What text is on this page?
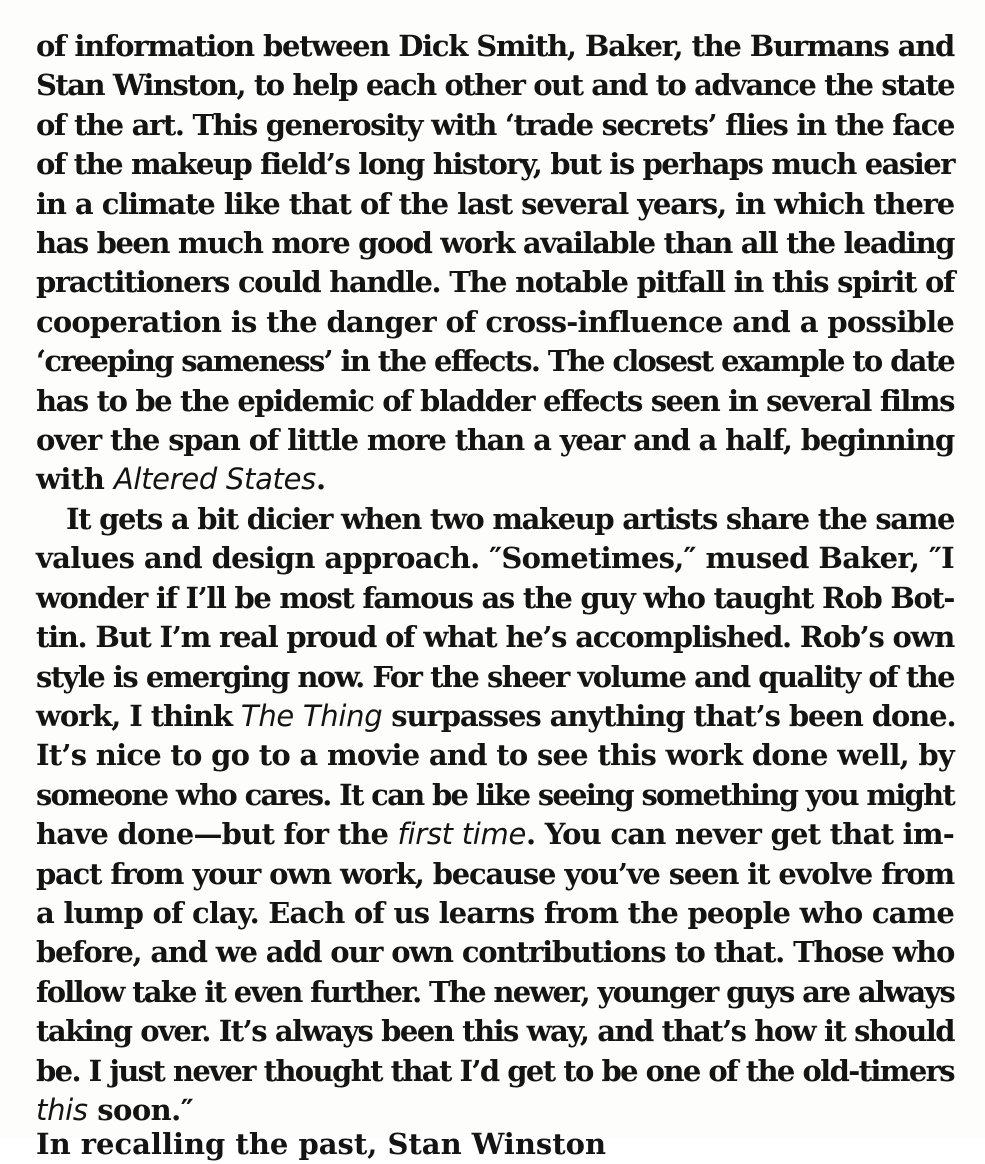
of information between Dick Smith, Baker, the Burmans and
Stan Winston, to help each other out and to advance the state
of the art. This generosity with ‘trade secrets’ flies in the face
of the makeup field’s long history, but is perhaps much easier
in a climate like that of the last several years, in which there
has been much more good work available than all the leading
practitioners could handle. The notable pitfall in this spirit of
cooperation is the danger of cross-influence and a possible
‘creeping sameness’ in the effects. The closest example to date
has to be the epidemic of bladder effects seen in several films
over the span of little more than a year and a half, beginning
with Altered States.

It gets a bit dicier when two makeup artists share the same
values and design approach. ″Sometimes,″ mused Baker, ″I
wonder if I’ll be most famous as the guy who taught Rob Bot-
tin. But I’m real proud of what he’s accomplished. Rob’s own
style is emerging now. For the sheer volume and quality of the
work, I think The Thing surpasses anything that’s been done.
It’s nice to go to a movie and to see this work done well, by
someone who cares. It can be like seeing something you might
have done—but for the first time. You can never get that im-
pact from your own work, because you’ve seen it evolve from
a lump of clay. Each of us learns from the people who came
before, and we add our own contributions to that. Those who
follow take it even further. The newer, younger guys are always
taking over. It’s always been this way, and that’s how it should
be. I just never thought that I’d get to be one of the old-timers
this soon.″

In recalling the past, Stan Winston
